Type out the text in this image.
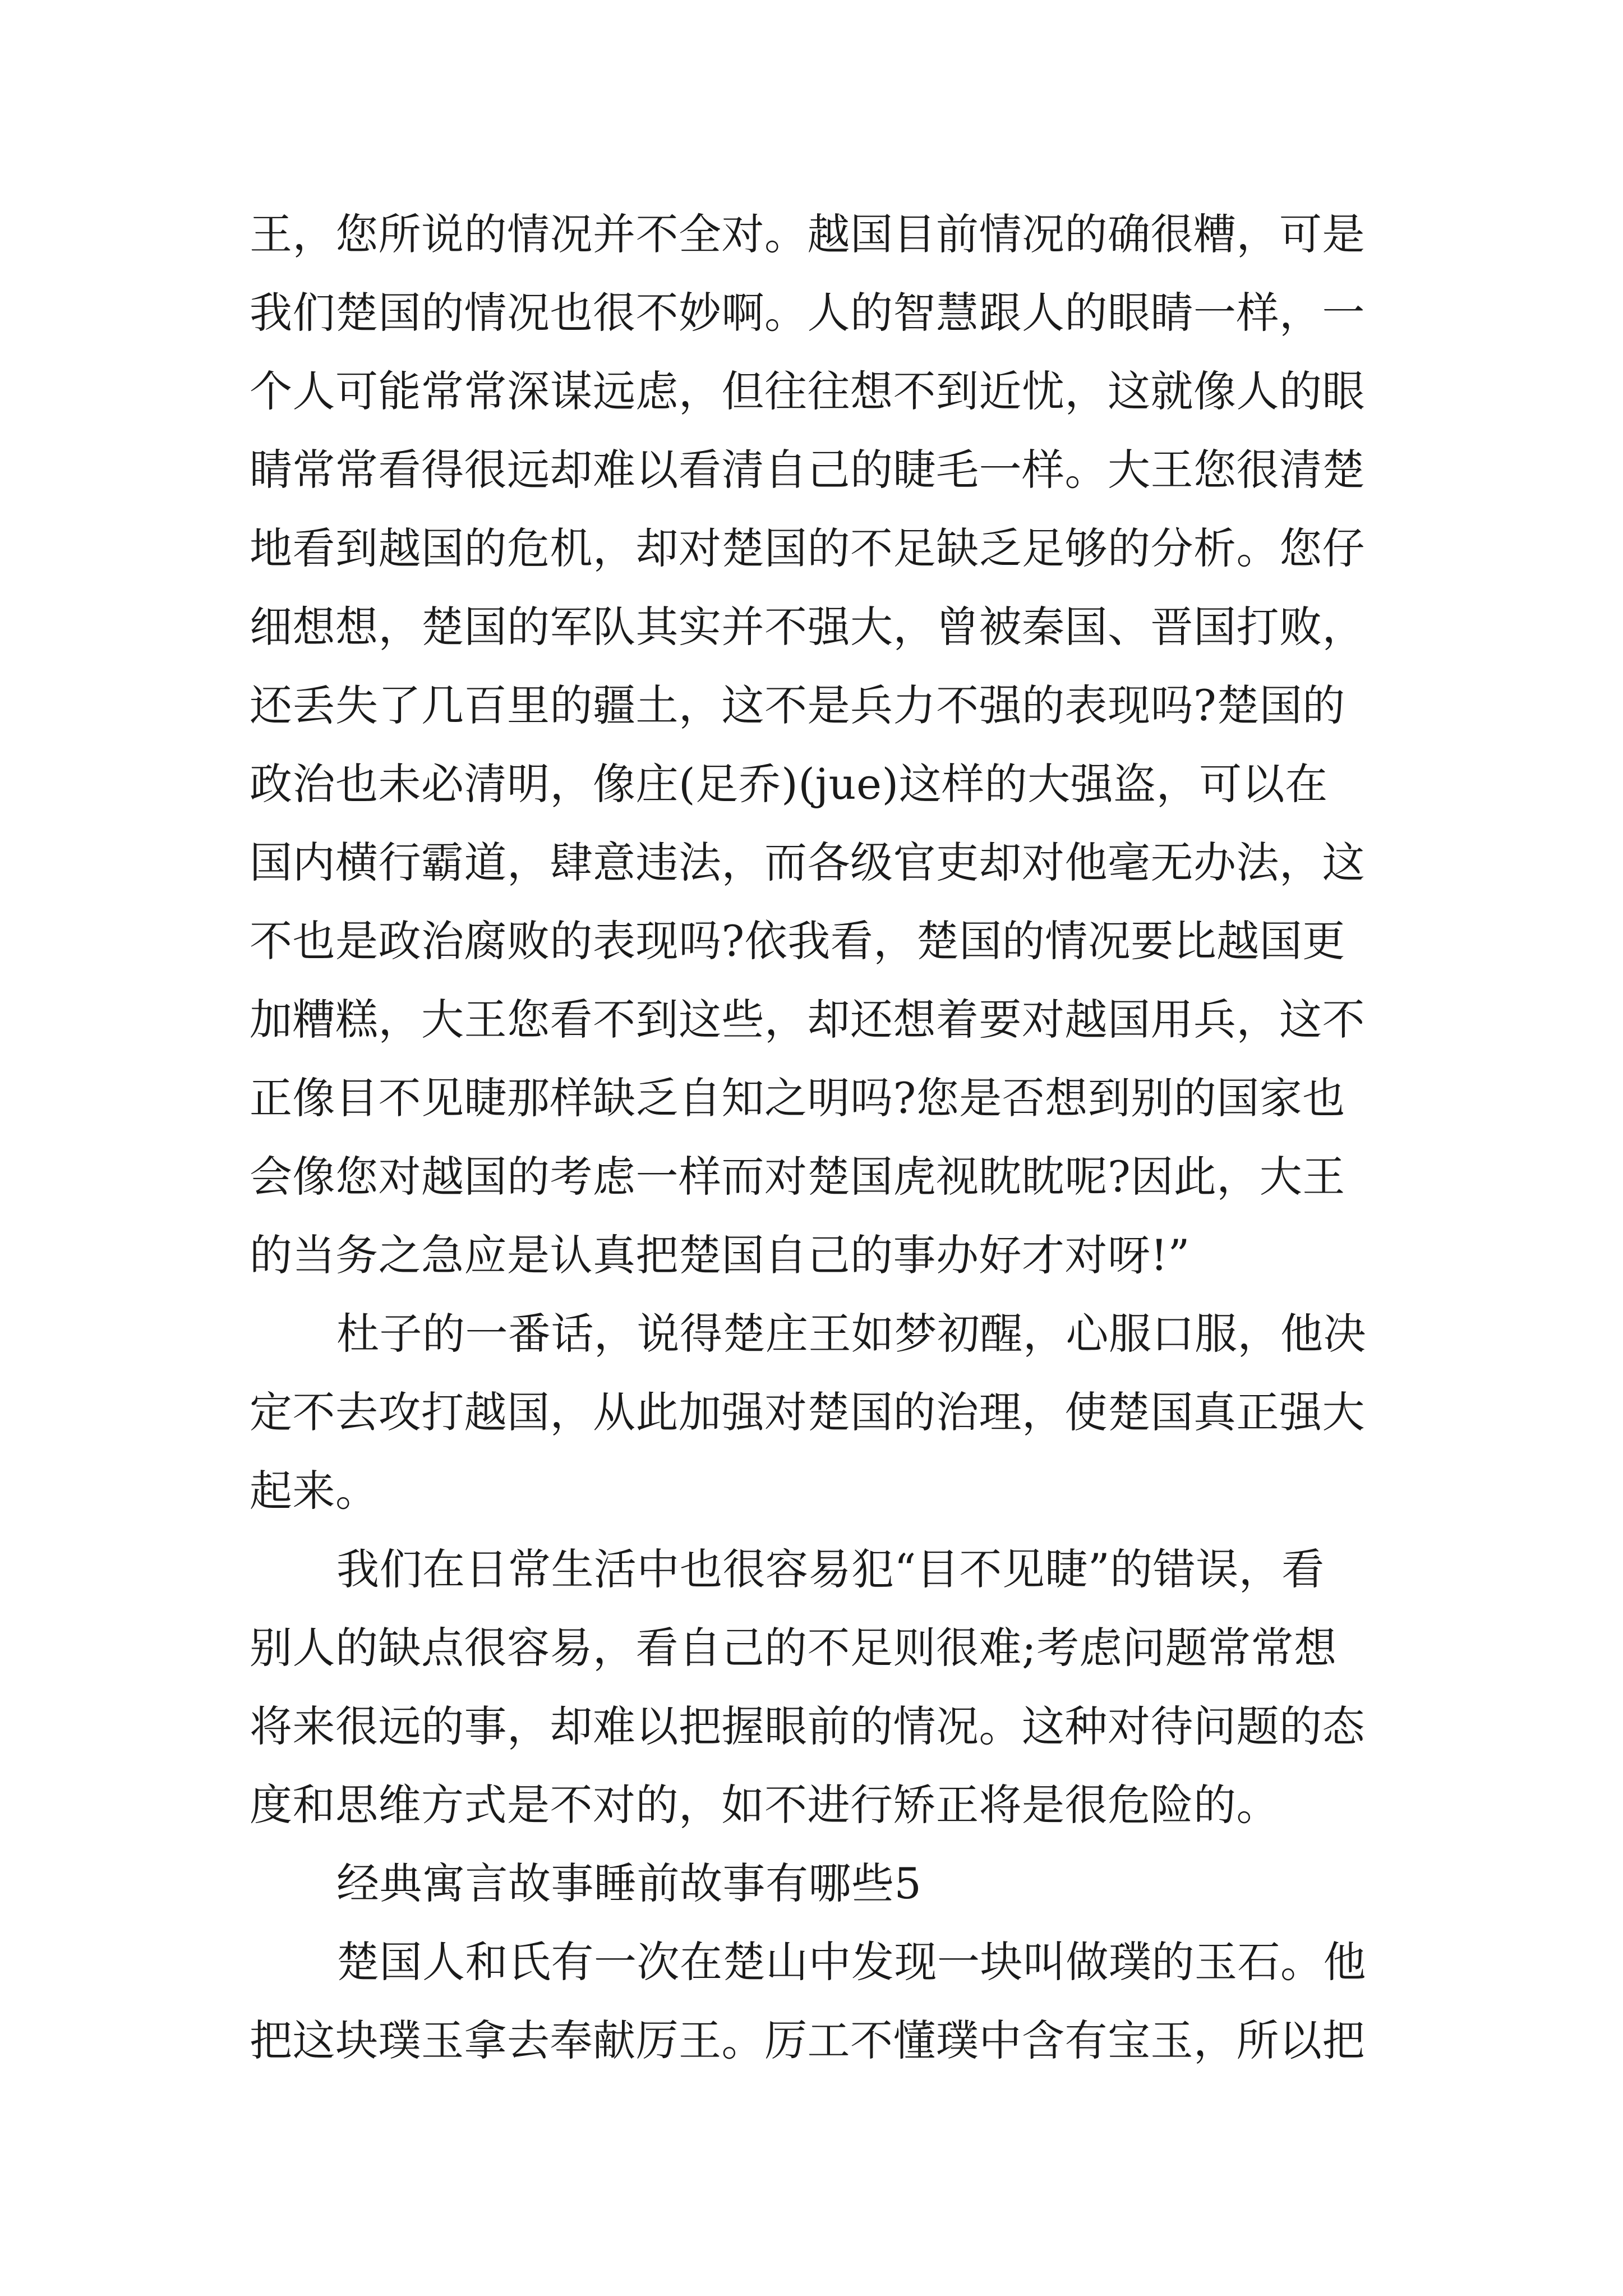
王，您所说的情况并不全对。越国目前情况的确很糟，可是
我们楚国的情况也很不妙啊。人的智慧跟人的眼睛一样，一
个人可能常常深谋远虑，但往往想不到近忧，这就像人的眼
睛常常看得很远却难以看清自己的睫毛一样。大王您很清楚
地看到越国的危机，却对楚国的不足缺乏足够的分析。您仔
细想想，楚国的军队其实并不强大，曾被秦国、晋国打败，
还丢失了几百里的疆土，这不是兵力不强的表现吗?楚国的
政治也未必清明，像庄(足乔)(jue)这样的大强盗，可以在
国内横行霸道，肆意违法，而各级官吏却对他毫无办法，这
不也是政治腐败的表现吗?依我看，楚国的情况要比越国更
加糟糕，大王您看不到这些，却还想着要对越国用兵，这不
正像目不见睫那样缺乏自知之明吗?您是否想到别的国家也
会像您对越国的考虑一样而对楚国虎视眈眈呢?因此，大王
的当务之急应是认真把楚国自己的事办好才对呀!”
杜子的一番话，说得楚庄王如梦初醒，心服口服，他决
定不去攻打越国，从此加强对楚国的治理，使楚国真正强大
起来。
我们在日常生活中也很容易犯“目不见睫”的错误，看
别人的缺点很容易，看自己的不足则很难;考虑问题常常想
将来很远的事，却难以把握眼前的情况。这种对待问题的态
度和思维方式是不对的，如不进行矫正将是很危险的。
经典寓言故事睡前故事有哪些5
楚国人和氏有一次在楚山中发现一块叫做璞的玉石。他
把这块璞玉拿去奉献厉王。厉工不懂璞中含有宝玉，所以把
